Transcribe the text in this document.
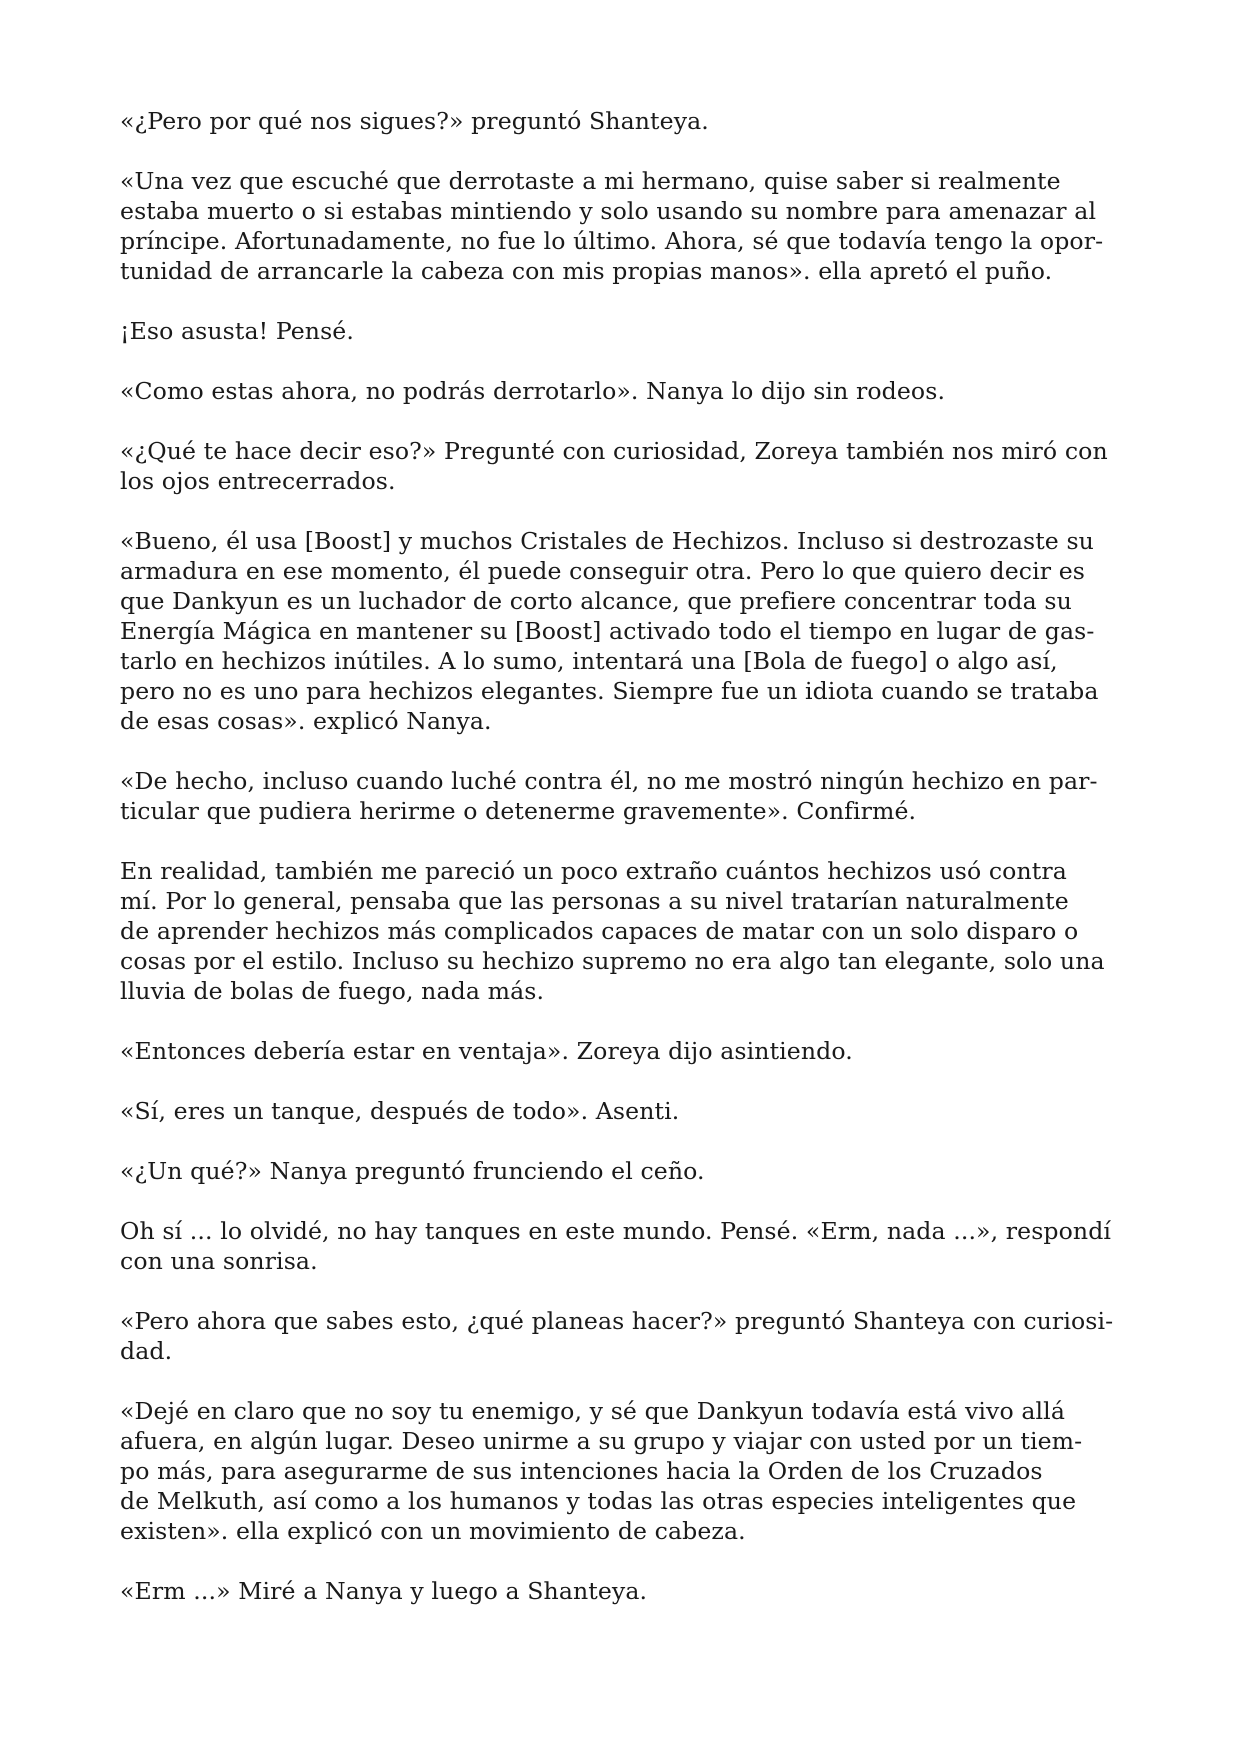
«¿Pero por qué nos sigues?» preguntó Shanteya.

«Una vez que escuché que derrotaste a mi hermano, quise saber si realmente
estaba muerto o si estabas mintiendo y solo usando su nombre para amenazar al
príncipe. Afortunadamente, no fue lo último. Ahora, sé que todavía tengo la opor-
tunidad de arrancarle la cabeza con mis propias manos». ella apretó el puño.

¡Eso asusta! Pensé.

«Como estas ahora, no podrás derrotarlo». Nanya lo dijo sin rodeos.

«¿Qué te hace decir eso?» Pregunté con curiosidad, Zoreya también nos miró con
los ojos entrecerrados.

«Bueno, él usa [Boost] y muchos Cristales de Hechizos. Incluso si destrozaste su
armadura en ese momento, él puede conseguir otra. Pero lo que quiero decir es
que Dankyun es un luchador de corto alcance, que prefiere concentrar toda su
Energía Mágica en mantener su [Boost] activado todo el tiempo en lugar de gas-
tarlo en hechizos inútiles. A lo sumo, intentará una [Bola de fuego] o algo así,
pero no es uno para hechizos elegantes. Siempre fue un idiota cuando se trataba
de esas cosas». explicó Nanya.

«De hecho, incluso cuando luché contra él, no me mostró ningún hechizo en par-
ticular que pudiera herirme o detenerme gravemente». Confirmé.

En realidad, también me pareció un poco extraño cuántos hechizos usó contra
mí. Por lo general, pensaba que las personas a su nivel tratarían naturalmente
de aprender hechizos más complicados capaces de matar con un solo disparo o
cosas por el estilo. Incluso su hechizo supremo no era algo tan elegante, solo una
lluvia de bolas de fuego, nada más.

«Entonces debería estar en ventaja». Zoreya dijo asintiendo.

«Sí, eres un tanque, después de todo». Asenti.

«¿Un qué?» Nanya preguntó frunciendo el ceño.

Oh sí ... lo olvidé, no hay tanques en este mundo. Pensé. «Erm, nada ...», respondí
con una sonrisa.

«Pero ahora que sabes esto, ¿qué planeas hacer?» preguntó Shanteya con curiosi-
dad.

«Dejé en claro que no soy tu enemigo, y sé que Dankyun todavía está vivo allá
afuera, en algún lugar. Deseo unirme a su grupo y viajar con usted por un tiem-
po más, para asegurarme de sus intenciones hacia la Orden de los Cruzados
de Melkuth, así como a los humanos y todas las otras especies inteligentes que
existen». ella explicó con un movimiento de cabeza.

«Erm ...» Miré a Nanya y luego a Shanteya.
